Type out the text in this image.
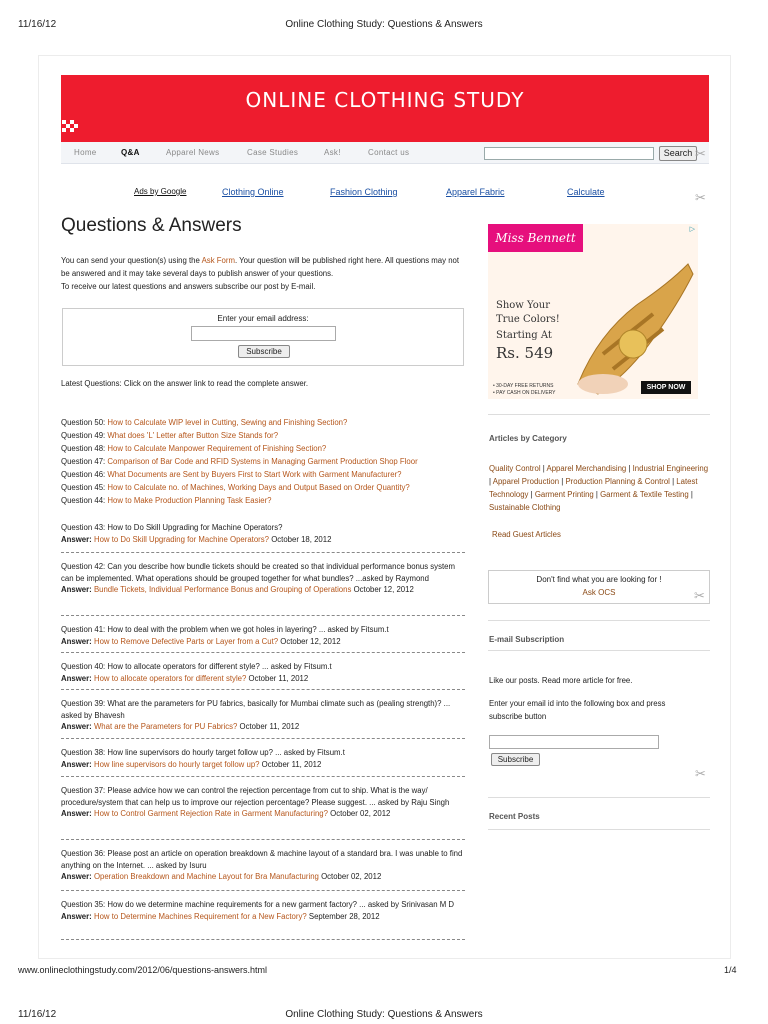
11/16/12	Online Clothing Study: Questions & Answers
ONLINE CLOTHING STUDY
Home	Q&A	Apparel News	Case Studies	Ask!	Contact us	Search ✂
Ads by Google	Clothing Online	Fashion Clothing	Apparel Fabric	Calculate	✂
Questions & Answers
You can send your question(s) using the Ask Form. Your question will be published right here. All questions may not be answered and it may take several days to publish answer of your questions.
To receive our latest questions and answers subscribe our post by E-mail.
Enter your email address:
Subscribe
Latest Questions: Click on the answer link to read the complete answer.
Question 50: How to Calculate WIP level in Cutting, Sewing and Finishing Section?
Question 49: What does 'L' Letter after Button Size Stands for?
Question 48: How to Calculate Manpower Requirement of Finishing Section?
Question 47: Comparison of Bar Code and RFID Systems in Managing Garment Production Shop Floor
Question 46: What Documents are Sent by Buyers First to Start Work with Garment Manufacturer?
Question 45: How to Calculate no. of Machines, Working Days and Output Based on Order Quantity?
Question 44: How to Make Production Planning Task Easier?
Question 43: How to Do Skill Upgrading for Machine Operators?
Answer: How to Do Skill Upgrading for Machine Operators? October 18, 2012
Question 42: Can you describe how bundle tickets should be created so that individual performance bonus system can be implemented. What operations should be grouped together for what bundles? ...asked by Raymond
Answer: Bundle Tickets, Individual Performance Bonus and Grouping of Operations October 12, 2012
Question 41: How to deal with the problem when we got holes in layering? ... asked by Fitsum.t
Answer: How to Remove Defective Parts or Layer from a Cut? October 12, 2012
Question 40: How to allocate operators for different style? ... asked by Fitsum.t
Answer: How to allocate operators for different style? October 11, 2012
Question 39: What are the parameters for PU fabrics, basically for Mumbai climate such as (pealing strength)? ... asked by Bhavesh
Answer: What are the Parameters for PU Fabrics? October 11, 2012
Question 38: How line supervisors do hourly target follow up? ... asked by Fitsum.t
Answer: How line supervisors do hourly target follow up? October 11, 2012
Question 37: Please advice how we can control the rejection percentage from cut to ship. What is the way/ procedure/system that can help us to improve our rejection percentage? Please suggest. ... asked by Raju Singh
Answer: How to Control Garment Rejection Rate in Garment Manufacturing? October 02, 2012
Question 36: Please post an article on operation breakdown & machine layout of a standard bra. I was unable to find anything on the Internet. ... asked by Isuru
Answer: Operation Breakdown and Machine Layout for Bra Manufacturing October 02, 2012
Question 35: How do we determine machine requirements for a new garment factory? ... asked by Srinivasan M D
Answer: How to Determine Machines Requirement for a New Factory? September 28, 2012
Miss Bennett
▷
Show Your
True Colors!
Starting At
Rs. 549
• 30-DAY FREE RETURNS
• PAY CASH ON DELIVERY
SHOP NOW
Articles by Category
Quality Control | Apparel Merchandising | Industrial Engineering | Apparel Production | Production Planning & Control | Latest Technology | Garment Printing | Garment & Textile Testing | Sustainable Clothing
Read Guest Articles
Don't find what you are looking for !
Ask OCS	✂
E-mail Subscription
Like our posts. Read more article for free.
Enter your email id into the following box and press subscribe button
Subscribe
✂
Recent Posts
www.onlineclothingstudy.com/2012/06/questions-answers.html	1/4
11/16/12	Online Clothing Study: Questions & Answers
